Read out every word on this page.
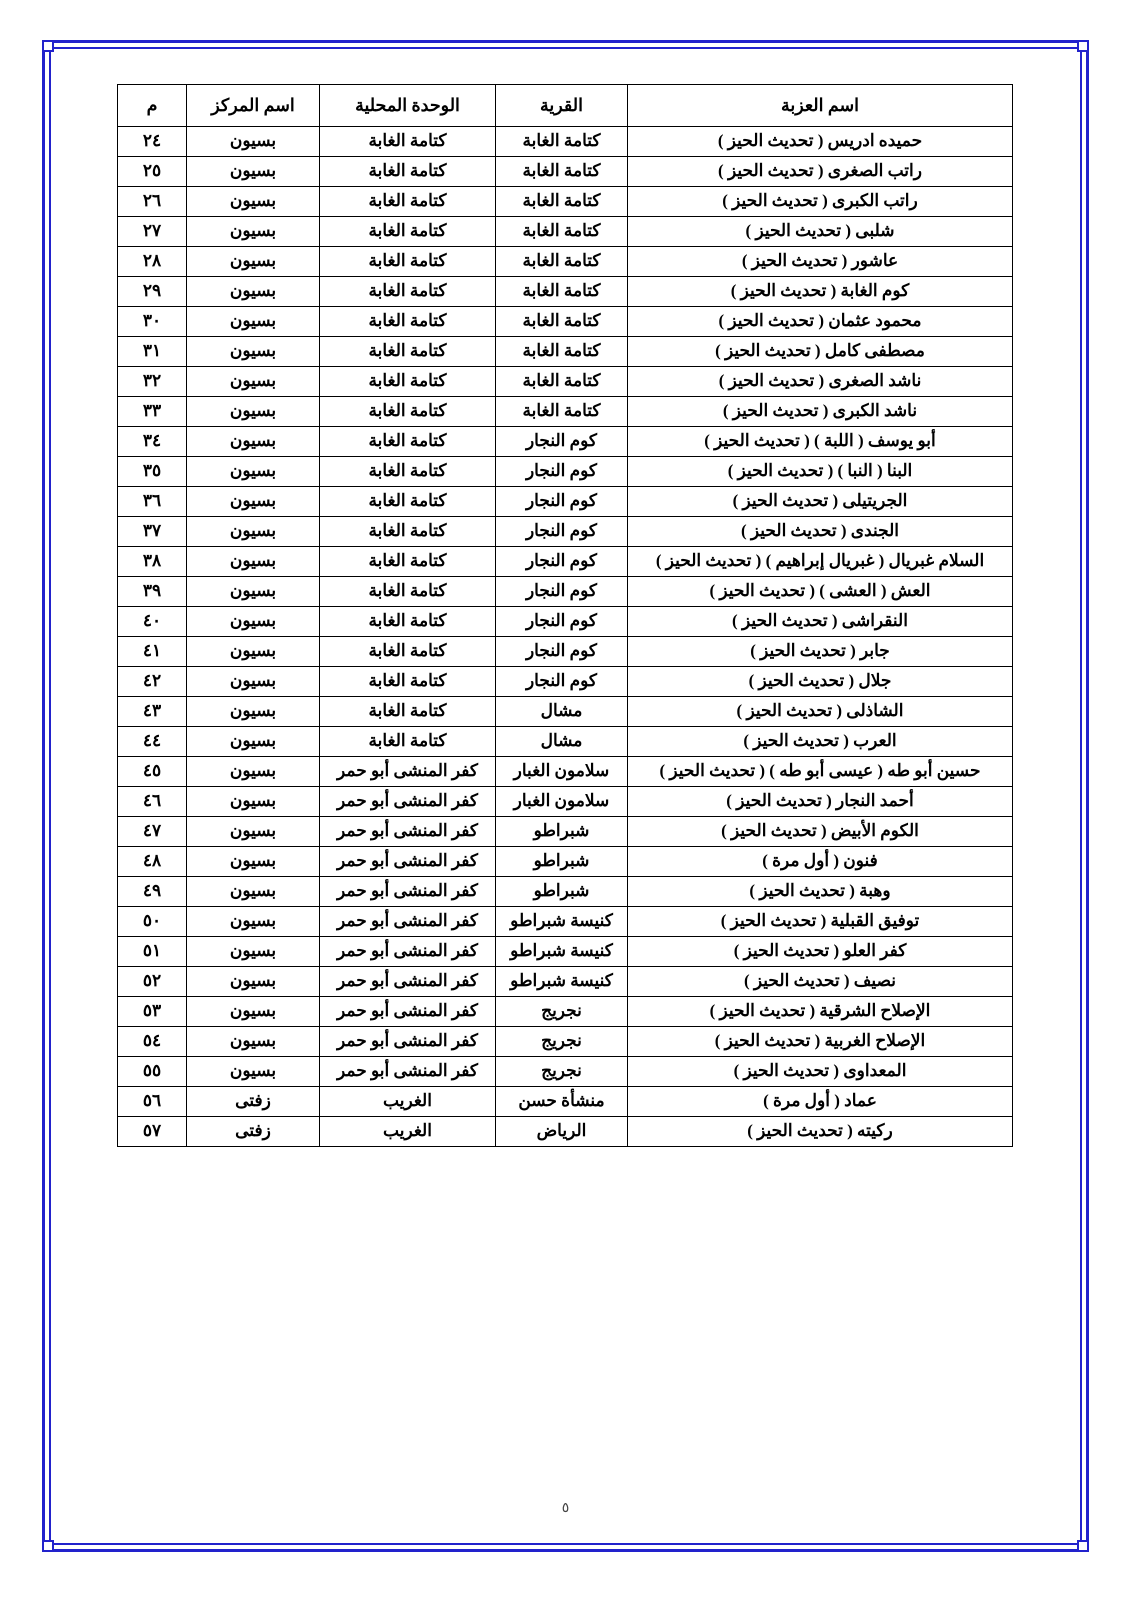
اسم العزبة	القرية	الوحدة المحلية	اسم المركز	م
حميده ادريس ( تحديث الحيز )	كتامة الغابة	كتامة الغابة	بسيون	٢٤
راتب الصغرى ( تحديث الحيز )	كتامة الغابة	كتامة الغابة	بسيون	٢٥
راتب الكبرى ( تحديث الحيز )	كتامة الغابة	كتامة الغابة	بسيون	٢٦
شلبى ( تحديث الحيز )	كتامة الغابة	كتامة الغابة	بسيون	٢٧
عاشور ( تحديث الحيز )	كتامة الغابة	كتامة الغابة	بسيون	٢٨
كوم الغابة ( تحديث الحيز )	كتامة الغابة	كتامة الغابة	بسيون	٢٩
محمود عثمان ( تحديث الحيز )	كتامة الغابة	كتامة الغابة	بسيون	٣٠
مصطفى كامل ( تحديث الحيز )	كتامة الغابة	كتامة الغابة	بسيون	٣١
ناشد الصغرى ( تحديث الحيز )	كتامة الغابة	كتامة الغابة	بسيون	٣٢
ناشد الكبرى ( تحديث الحيز )	كتامة الغابة	كتامة الغابة	بسيون	٣٣
أبو يوسف ( اللبة ) ( تحديث الحيز )	كوم النجار	كتامة الغابة	بسيون	٣٤
البنا ( النبا ) ( تحديث الحيز )	كوم النجار	كتامة الغابة	بسيون	٣٥
الجريتيلى ( تحديث الحيز )	كوم النجار	كتامة الغابة	بسيون	٣٦
الجندى ( تحديث الحيز )	كوم النجار	كتامة الغابة	بسيون	٣٧
السلام غبريال ( غبريال إبراهيم ) ( تحديث الحيز )	كوم النجار	كتامة الغابة	بسيون	٣٨
العش ( العشى ) ( تحديث الحيز )	كوم النجار	كتامة الغابة	بسيون	٣٩
النقراشى ( تحديث الحيز )	كوم النجار	كتامة الغابة	بسيون	٤٠
جابر ( تحديث الحيز )	كوم النجار	كتامة الغابة	بسيون	٤١
جلال ( تحديث الحيز )	كوم النجار	كتامة الغابة	بسيون	٤٢
الشاذلى ( تحديث الحيز )	مشال	كتامة الغابة	بسيون	٤٣
العرب ( تحديث الحيز )	مشال	كتامة الغابة	بسيون	٤٤
حسين أبو طه ( عيسى أبو طه ) ( تحديث الحيز )	سلامون الغبار	كفر المنشى أبو حمر	بسيون	٤٥
أحمد النجار ( تحديث الحيز )	سلامون الغبار	كفر المنشى أبو حمر	بسيون	٤٦
الكوم الأبيض ( تحديث الحيز )	شبراطو	كفر المنشى أبو حمر	بسيون	٤٧
فنون ( أول مرة )	شبراطو	كفر المنشى أبو حمر	بسيون	٤٨
وهبة ( تحديث الحيز )	شبراطو	كفر المنشى أبو حمر	بسيون	٤٩
توفيق القبلية ( تحديث الحيز )	كنيسة شبراطو	كفر المنشى أبو حمر	بسيون	٥٠
كفر العلو ( تحديث الحيز )	كنيسة شبراطو	كفر المنشى أبو حمر	بسيون	٥١
نصيف ( تحديث الحيز )	كنيسة شبراطو	كفر المنشى أبو حمر	بسيون	٥٢
الإصلاح الشرقية ( تحديث الحيز )	نجريج	كفر المنشى أبو حمر	بسيون	٥٣
الإصلاح الغربية ( تحديث الحيز )	نجريج	كفر المنشى أبو حمر	بسيون	٥٤
المعداوى ( تحديث الحيز )	نجريج	كفر المنشى أبو حمر	بسيون	٥٥
عماد ( أول مرة )	منشأة حسن	الغريب	زفتى	٥٦
ركيته ( تحديث الحيز )	الرياض	الغريب	زفتى	٥٧
٥
